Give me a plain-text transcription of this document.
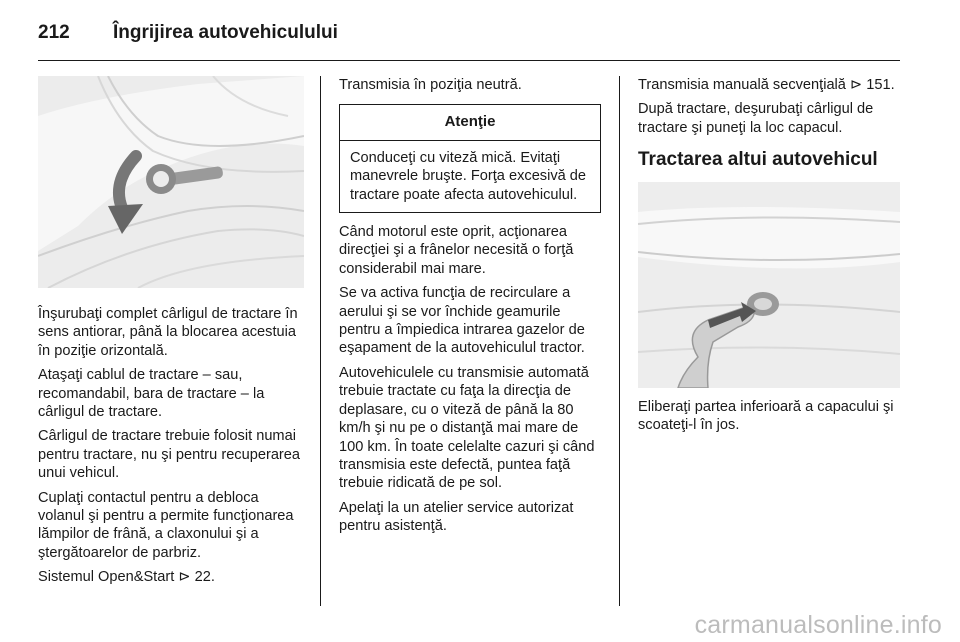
212 Îngrijirea autovehiculului

Înşurubaţi complet cârligul de tractare în sens antiorar, până la blocarea acestuia în poziţie orizontală.

Ataşaţi cablul de tractare – sau, recomandabil, bara de tractare – la cârligul de tractare.

Cârligul de tractare trebuie folosit numai pentru tractare, nu şi pentru recuperarea unui vehicul.

Cuplaţi contactul pentru a debloca volanul şi pentru a permite funcţionarea lămpilor de frână, a claxonului şi a ştergătoarelor de parbriz.

Sistemul Open&Start ⊳ 22.

Transmisia în poziţia neutră.

Atenţie
Conduceţi cu viteză mică. Evitaţi manevrele bruşte. Forţa excesivă de tractare poate afecta autovehiculul.

Când motorul este oprit, acţionarea direcţiei şi a frânelor necesită o forţă considerabil mai mare.

Se va activa funcţia de recirculare a aerului şi se vor închide geamurile pentru a împiedica intrarea gazelor de eşapament de la autovehiculul tractor.

Autovehiculele cu transmisie automată trebuie tractate cu faţa la direcţia de deplasare, cu o viteză de până la 80 km/h şi nu pe o distanţă mai mare de 100 km. În toate celelalte cazuri şi când transmisia este defectă, puntea faţă trebuie ridicată de pe sol.

Apelaţi la un atelier service autorizat pentru asistenţă.

Transmisia manuală secvenţială ⊳ 151.

După tractare, deşurubaţi cârligul de tractare şi puneţi la loc capacul.

Tractarea altui autovehicul

Eliberaţi partea inferioară a capacului şi scoateţi-l în jos.

carmanualsonline.info
